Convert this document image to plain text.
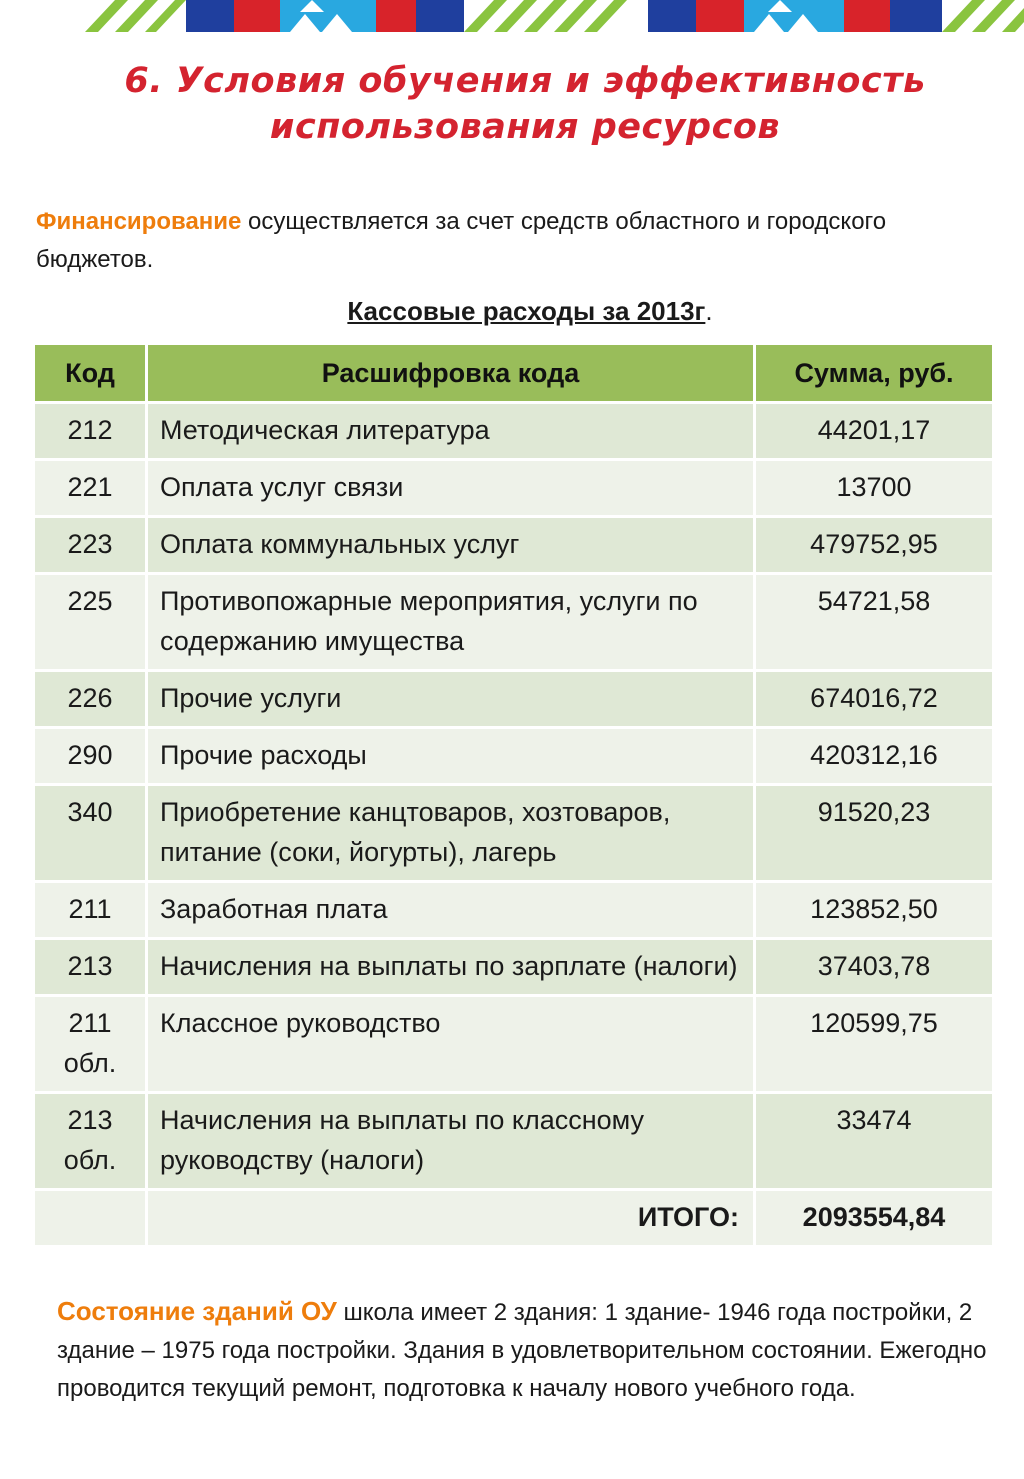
6. Условия обучения и эффективность
использования ресурсов

Финансирование осуществляется за счет средств областного и городского бюджетов.

Кассовые расходы за 2013г.
Код	Расшифровка кода	Сумма, руб.
212	Методическая литература	44201,17
221	Оплата услуг связи	13700
223	Оплата коммунальных услуг	479752,95
225	Противопожарные мероприятия, услуги по содержанию имущества	54721,58
226	Прочие услуги	674016,72
290	Прочие расходы	420312,16
340	Приобретение канцтоваров, хозтоваров, питание (соки, йогурты), лагерь	91520,23
211	Заработная плата	123852,50
213	Начисления на выплаты по зарплате (налоги)	37403,78
211 обл.	Классное руководство	120599,75
213 обл.	Начисления на выплаты по классному руководству (налоги)	33474
	ИТОГО:	2093554,84

Состояние зданий ОУ школа имеет 2 здания: 1 здание- 1946 года постройки, 2 здание – 1975 года постройки. Здания в удовлетворительном состоянии. Ежегодно проводится текущий ремонт, подготовка к началу нового учебного года.
